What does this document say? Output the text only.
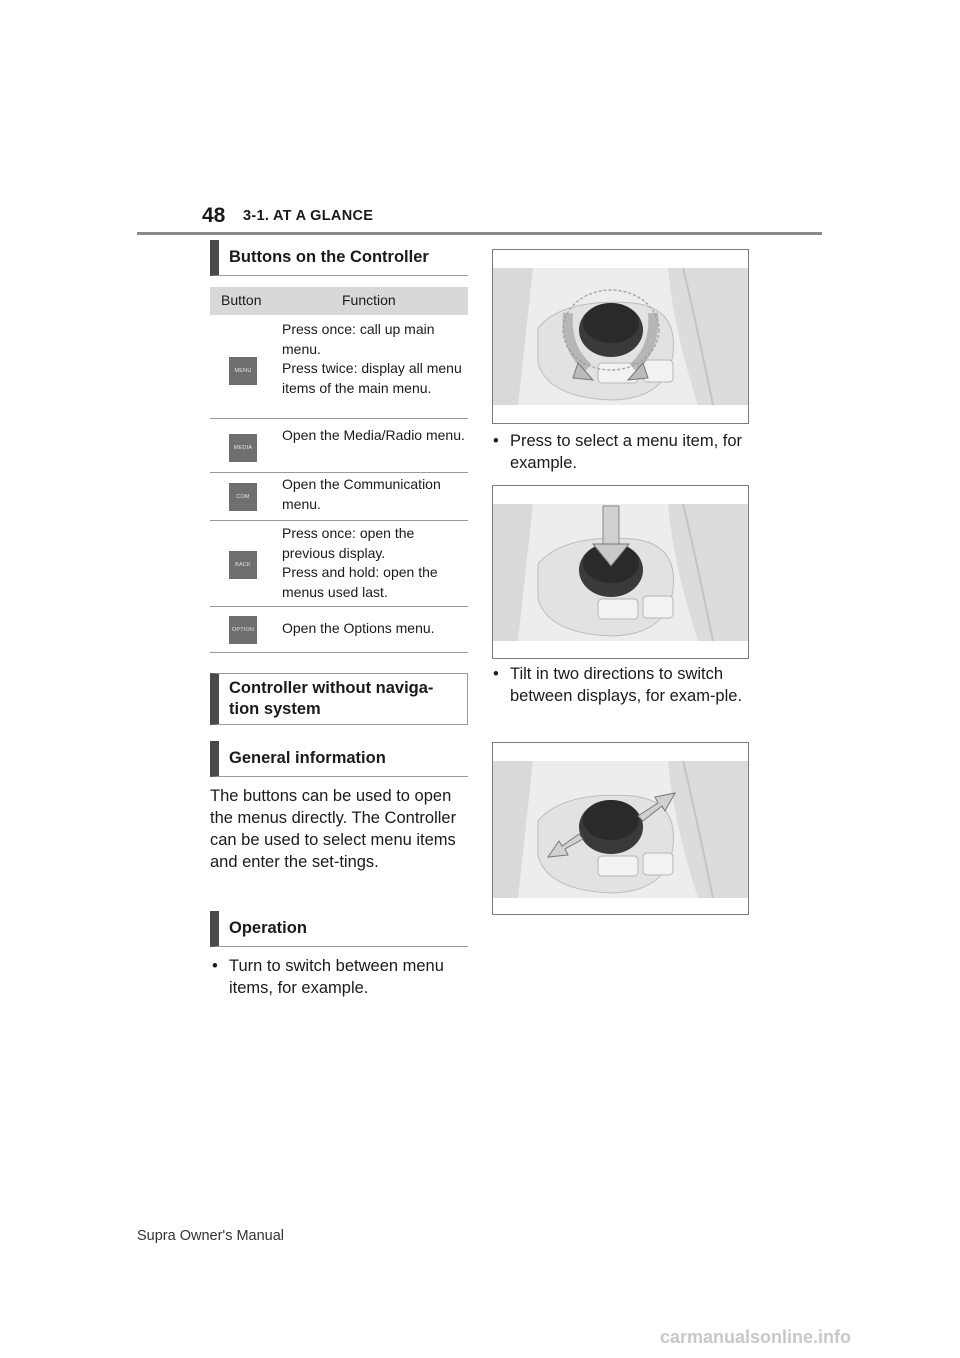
48 3-1. AT A GLANCE
Buttons on the Controller
Button	Function
MENU
Press once: call up main menu.
Press twice: display all menu items of the main menu.
MEDIA
Open the Media/Radio menu.
COM
Open the Communication menu.
BACK
Press once: open the previous display.
Press and hold: open the menus used last.
OPTION Open the Options menu.
Controller without naviga-
tion system
General information
The buttons can be used to open the menus directly. The Controller can be used to select menu items and enter the set-tings.
Operation
• Turn to switch between menu items, for example.
• Press to select a menu item, for example.
• Tilt in two directions to switch between displays, for exam-ple.
Supra Owner's Manual
carmanualsonline.info
